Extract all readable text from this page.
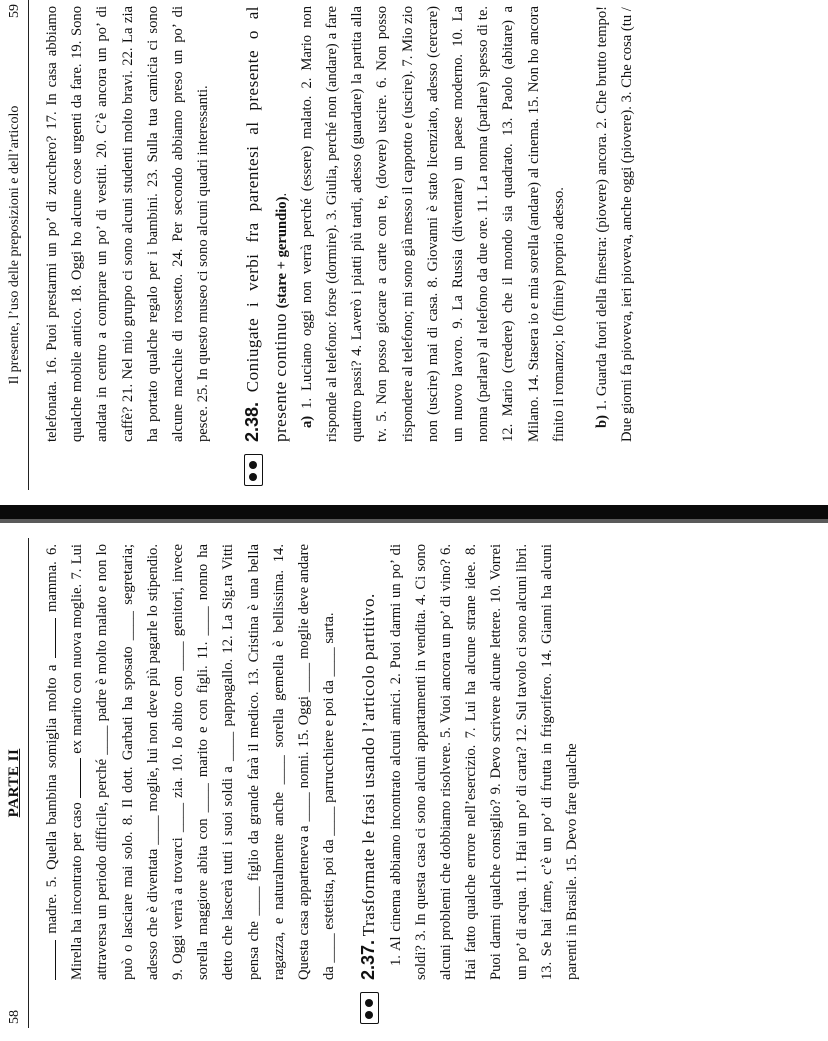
58
PARTE II	madre. 5. Quella bambina somiglia molto a  mamma. 6. Mirella ha incontrato per caso  ex marito con nuova moglie. 7. Lui attraversa un periodo difficile, perché ____ padre è molto malato e non lo può o lasciare mai solo. 8. Il dott. Garbati ha sposato ____ segretaria; adesso che è diventata ____ moglie, lui non deve più pagarle lo stipendio. 9. Oggi verrà a trovarci ____ zia. 10. Io abito con ____ genitori, invece sorella maggiore abita con ____ marito e con figli. 11. ____ nonno ha detto che lascerà tutti i suoi soldi a ____ pappagallo. 12. La Sig.ra Vitti pensa che ____ figlio da grande farà il medico. 13. Cristina è una bella ragazza, e naturalmente anche ____ sorella gemella è bellissima. 14. Questa casa apparteneva a ____ nonni. 15. Oggi ____ moglie deve andare da ____ estetista, poi da ____ parrucchiere e poi da ____ sarta. 2.37. Trasformate le frasi usando l’articolo partitivo. 1. Al cinema abbiamo incontrato alcuni amici. 2. Puoi darmi un po’ di soldi? 3. In questa casa ci sono alcuni appartamenti in vendita. 4. Ci sono alcuni problemi che dobbiamo risolvere. 5. Vuoi ancora un po’ di vino? 6. Hai fatto qualche errore nell’esercizio. 7. Lui ha alcune strane idee. 8. Puoi darmi qualche consiglio? 9. Devo scrivere alcune lettere. 10. Vorrei un po’ di acqua. 11. Hai un po’ di carta? 12. Sul tavolo ci sono alcuni libri. 13. Se hai fame, c’è un po’ di frutta in frigorifero. 14. Gianni ha alcuni parenti in Brasile. 15. Devo fare qualche

Il presente, l’uso delle preposizioni e dell’articolo
59	telefonata. 16. Puoi prestarmi un po’ di zucchero? 17. In casa abbiamo qualche mobile antico. 18. Oggi ho alcune cose urgenti da fare. 19. Sono andata in centro a comprare un po’ di vestiti. 20. C’è ancora un po’ di caffè? 21. Nel mio gruppo ci sono alcuni studenti molto bravi. 22. La zia ha portato qualche regalo per i bambini. 23. Sulla tua camicia ci sono alcune macchie di rossetto. 24. Per secondo abbiamo preso un po’ di pesce. 25. In questo museo ci sono alcuni quadri interessanti. 2.38. Coniugate i verbi fra parentesi al presente o al presente continuo (stare + gerundio).

a) 1. Luciano oggi non verrà perché (essere) malato. 2. Mario non risponde al telefono: forse (dormire). 3. Giulia, perché non (andare) a fare quattro passi? 4. Laverò i piatti più tardi, adesso (guardare) la partita alla tv. 5. Non posso giocare a carte con te, (dovere) uscire. 6. Non posso rispondere al telefono; mi sono già messo il cappotto e (uscire). 7. Mio zio non (uscire) mai di casa. 8. Giovanni è stato licenziato, adesso (cercare) un nuovo lavoro. 9. La Russia (diventare) un paese moderno. 10. La nonna (parlare) al telefono da due ore. 11. La nonna (parlare) spesso di te. 12. Mario (credere) che il mondo sia quadrato. 13. Paolo (abitare) a Milano. 14. Stasera io e mia sorella (andare) al cinema. 15. Non ho ancora finito il romanzo; lo (finire) proprio adesso.	b) 1. Guarda fuori della finestra: (piovere) ancora. 2. Che brutto tempo! Due giorni fa pioveva, ieri pioveva, anche oggi (piovere). 3. Che cosa (tu /
